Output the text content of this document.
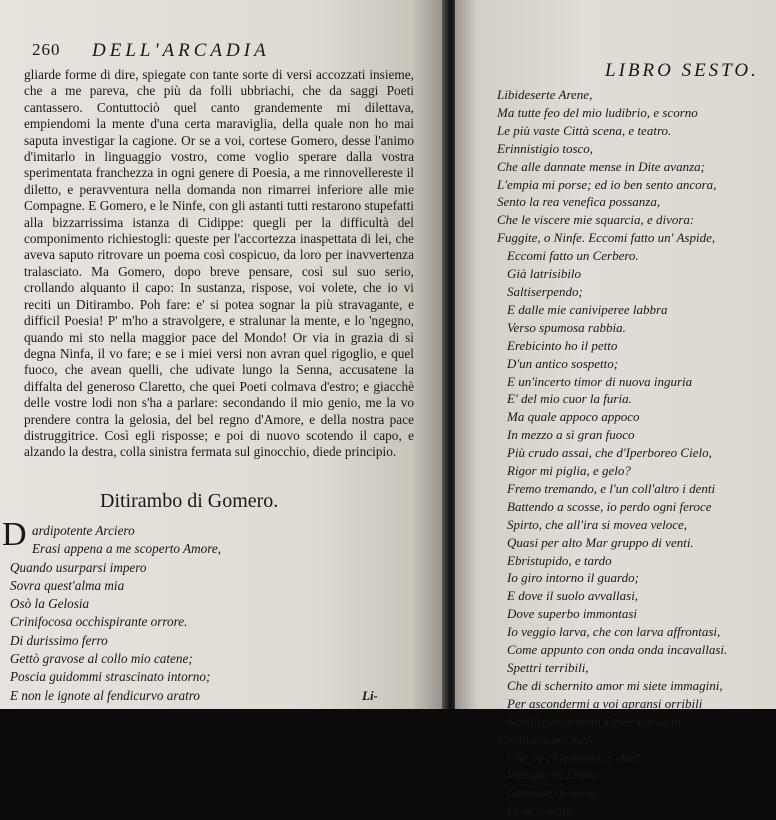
260 DELL'ARCADIA

gliarde forme di dire, spiegate con tante sorte di versi accozzati insieme, che a me pareva, che più da folli ubbriachi, che da saggi Poeti cantassero. Contuttociò quel canto grandemente mi dilettava, empiendomi la mente d'una certa maraviglia, della quale non ho mai saputa investigar la cagione. Or se a voi, cortese Gomero, desse l'animo d'imitarlo in linguaggio vostro, come voglio sperare dalla vostra sperimentata franchezza in ogni genere di Poesia, a me rinnovellereste il diletto, e peravventura nella domanda non rimarrei inferiore alle mie Compagne. E Gomero, e le Ninfe, con gli astanti tutti restarono stupefatti alla bizzarrissima istanza di Cidippe: quegli per la difficultà del componimento richiestogli: queste per l'accortezza inaspettata di lei, che aveva saputo ritrovare un poema così cospicuo, da loro per inavvertenza tralasciato. Ma Gomero, dopo breve pensare, così sul suo serio, crollando alquanto il capo: In sustanza, rispose, voi volete, che io vi reciti un Ditirambo. Poh fare: e' si potea sognar la più stravagante, e difficil Poesia! P' m'ho a stravolgere, e stralunar la mente, e lo 'ngegno, quando mi sto nella maggior pace del Mondo! Or via in grazia di sì degna Ninfa, il vo fare; e se i miei versi non avran quel rigoglio, e quel fuoco, che avean quelli, che udivate lungo la Senna, accusatene la diffalta del generoso Claretto, che quei Poeti colmava d'estro; e giacchè delle vostre lodi non s'ha a parlare: secondando il mio genio, me la vo prendere contra la gelosia, del bel regno d'Amore, e della nostra pace distruggitrice. Così egli risposse; e poi di nuovo scotendo il capo, e alzando la destra, colla sinistra fermata sul ginocchio, diede principio.

Ditirambo di Gomero.
D ardipotente Arciero
Erasi appena a me scoperto Amore,
Quando usurparsi impero
Sovra quest'alma mia
Osò la Gelosia
Crinifocosa occhispirante orrore.
Di durissimo ferro
Gettò gravose al collo mio catene;
Poscia guidommi strascinato intorno;
E non le ignote al fendicurvo aratro	Li-
LIBRO SESTO.
Libideserte Arene,
Ma tutte feo del mio ludibrio, e scorno
Le più vaste Città scena, e teatro.
Erinnistigio tosco,
Che alle dannate mense in Dite avanza;
L'empia mi porse; ed io ben sento ancora,
Sento la rea venefica possanza,
Che le viscere mie squarcia, e divora:
Fuggite, o Ninfe. Eccomi fatto un' Aspide,
Eccomi fatto un Cerbero.
Già latrisibilo
Saltiserpendo;
E dalle mie caniviperee labbra
Verso spumosa rabbia.
Erebicinto ho il petto
D'un antico sospetto;
E un'incerto timor di nuova inguria
E' del mio cuor la furia.
Ma quale appoco appoco
In mezzo a sì gran fuoco
Più crudo assai, che d'Iperboreo Cielo,
Rigor mi piglia, e gelo?
Fremo tremando, e l'un coll'altro i denti
Battendo a scosse, io perdo ogni feroce
Spirto, che all'ira si movea veloce,
Quasi per alto Mar gruppo di venti.
Ebristupido, e tardo
Io giro intorno il guardo;
E dove il suolo avvallasi,
Dove superbo immontasi
Io veggio larva, che con larva affrontasi,
Come appunto con onda onda incavallasi.
Spettri terribili,
Che di schernito amor mi siete immagini,
Per ascondermi a voi apransi orribili
Sassiliquidardenti Etnee voragini.
Follinsensato me!
Che vo chiedendo, e che?
Vulcano in Lenno
Giunone in Samo
Di se tradita
